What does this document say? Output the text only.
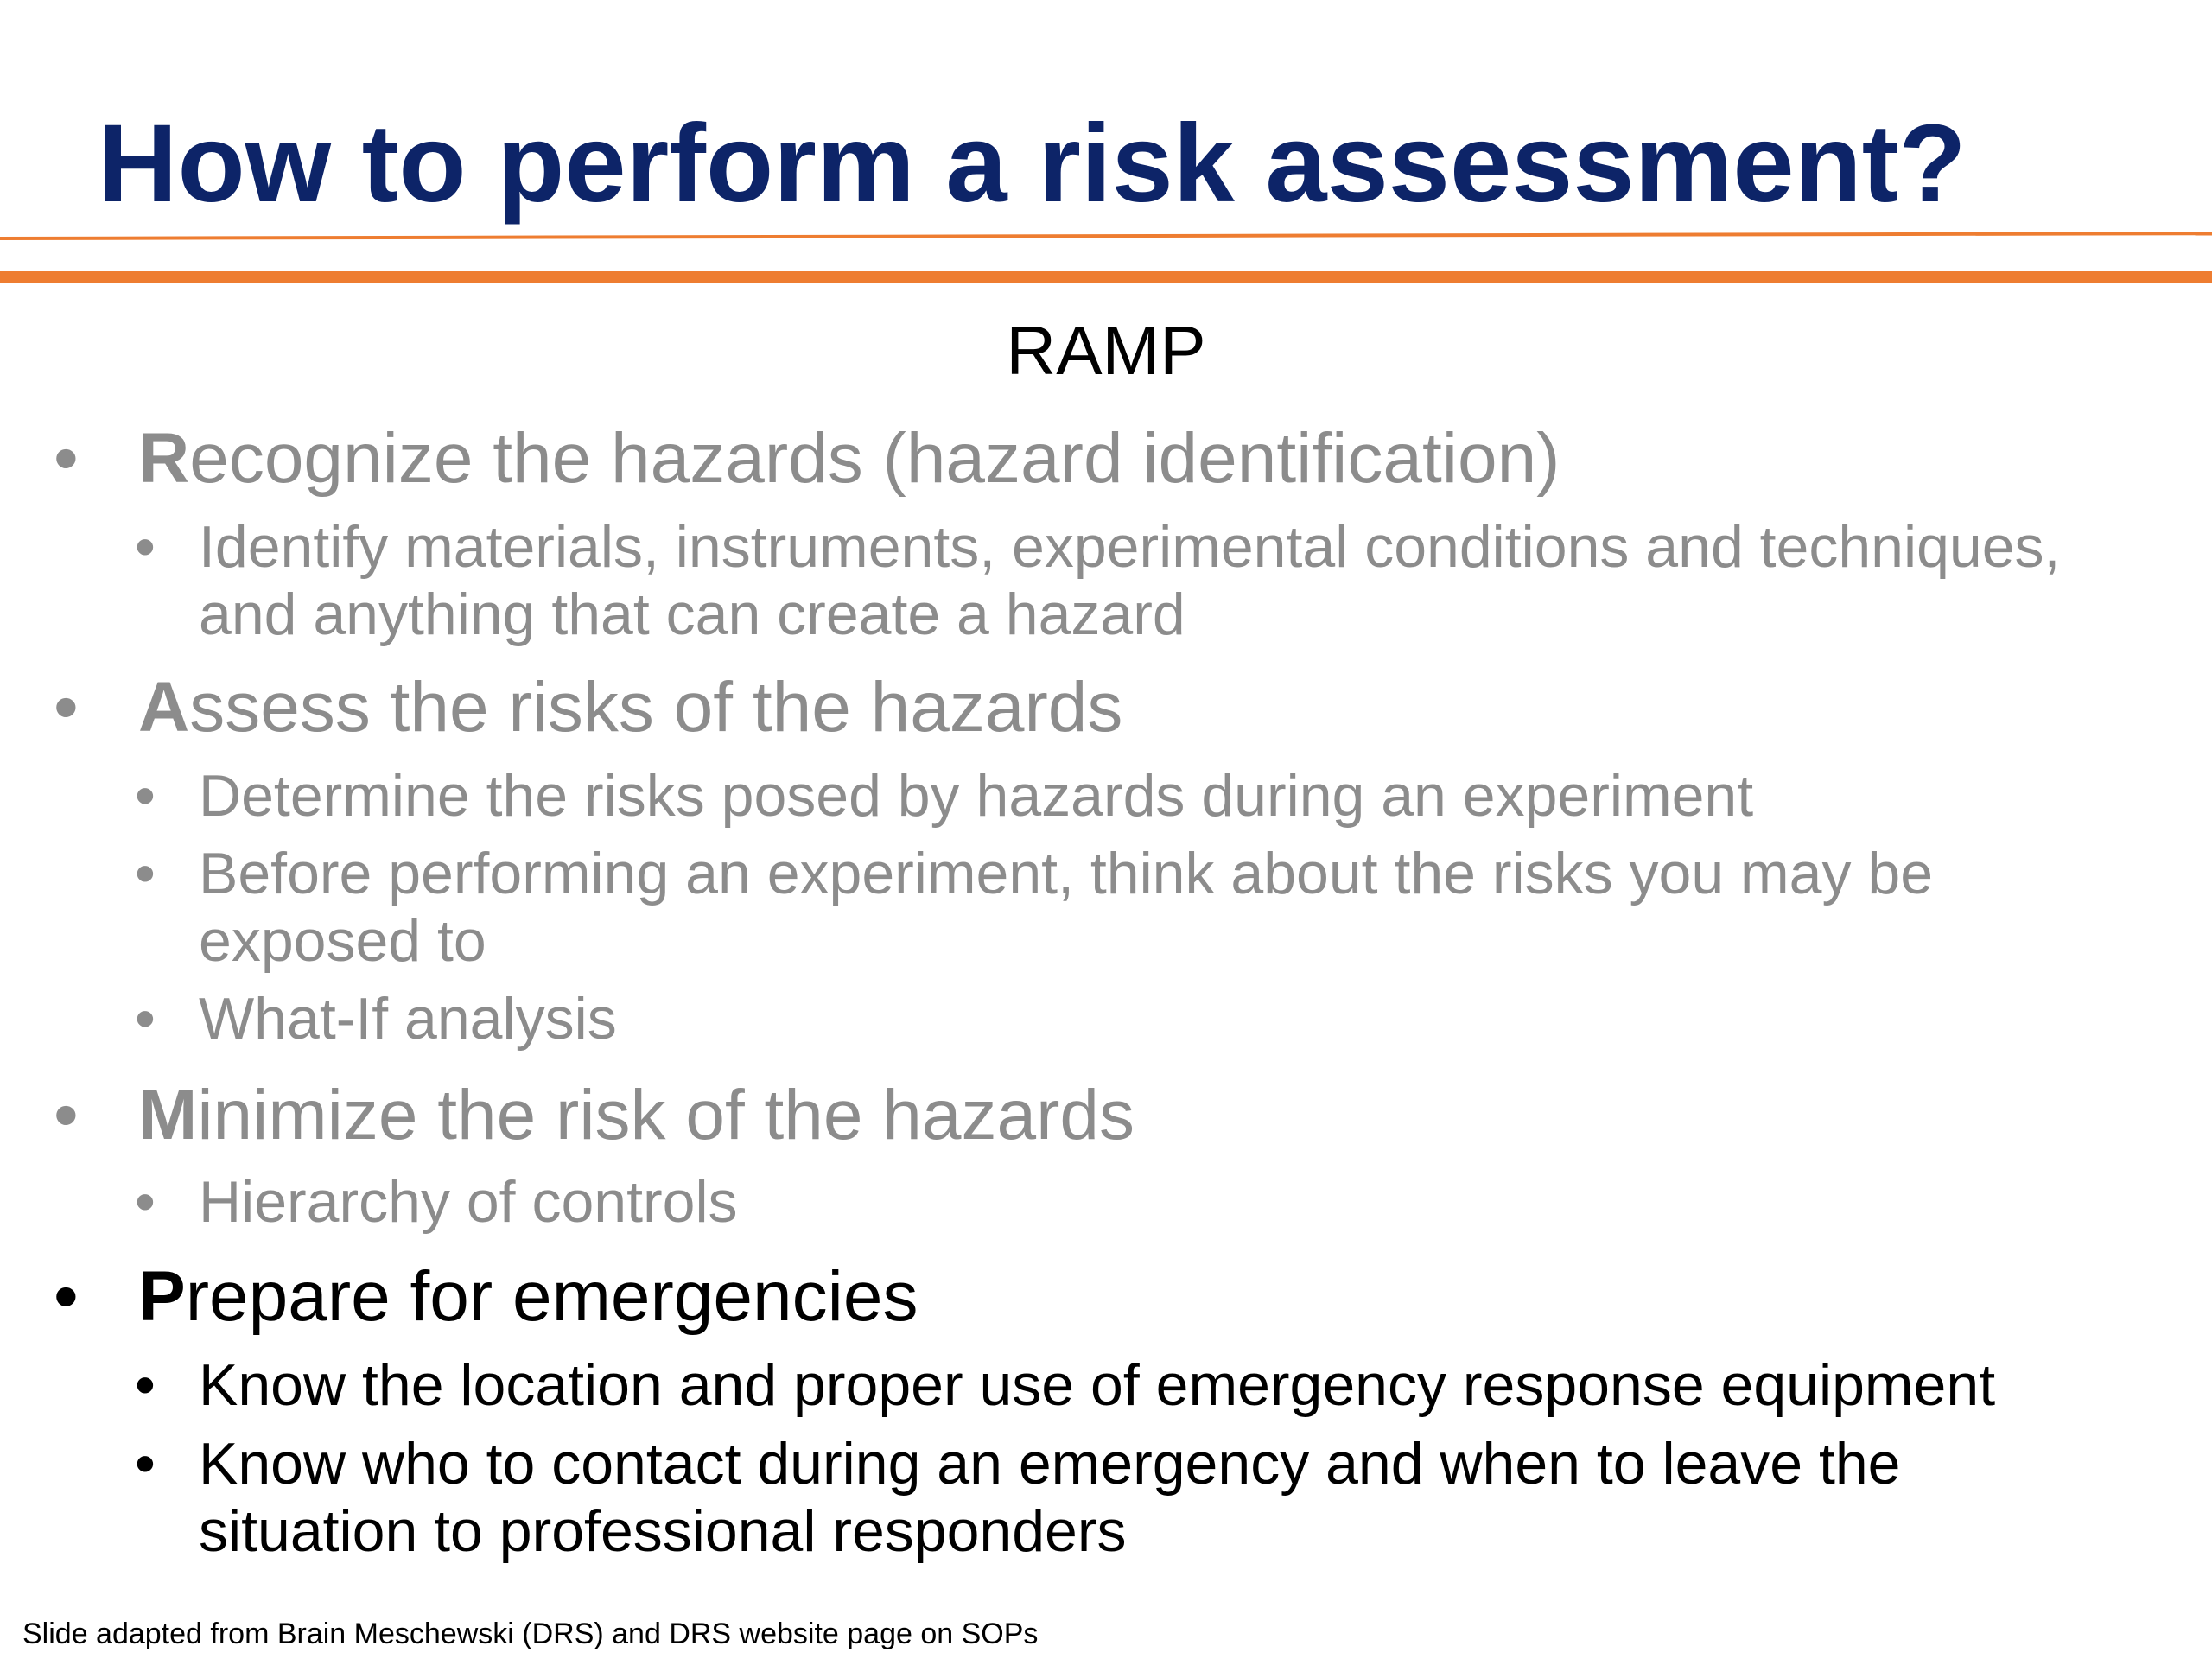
How to perform a risk assessment?
RAMP
• Recognize the hazards (hazard identification)
• Identify materials, instruments, experimental conditions and techniques, and anything that can create a hazard
• Assess the risks of the hazards
• Determine the risks posed by hazards during an experiment
• Before performing an experiment, think about the risks you may be exposed to
• What-If analysis
• Minimize the risk of the hazards
• Hierarchy of controls
• Prepare for emergencies
• Know the location and proper use of emergency response equipment
• Know who to contact during an emergency and when to leave the situation to professional responders
Slide adapted from Brain Meschewski (DRS) and DRS website page on SOPs
